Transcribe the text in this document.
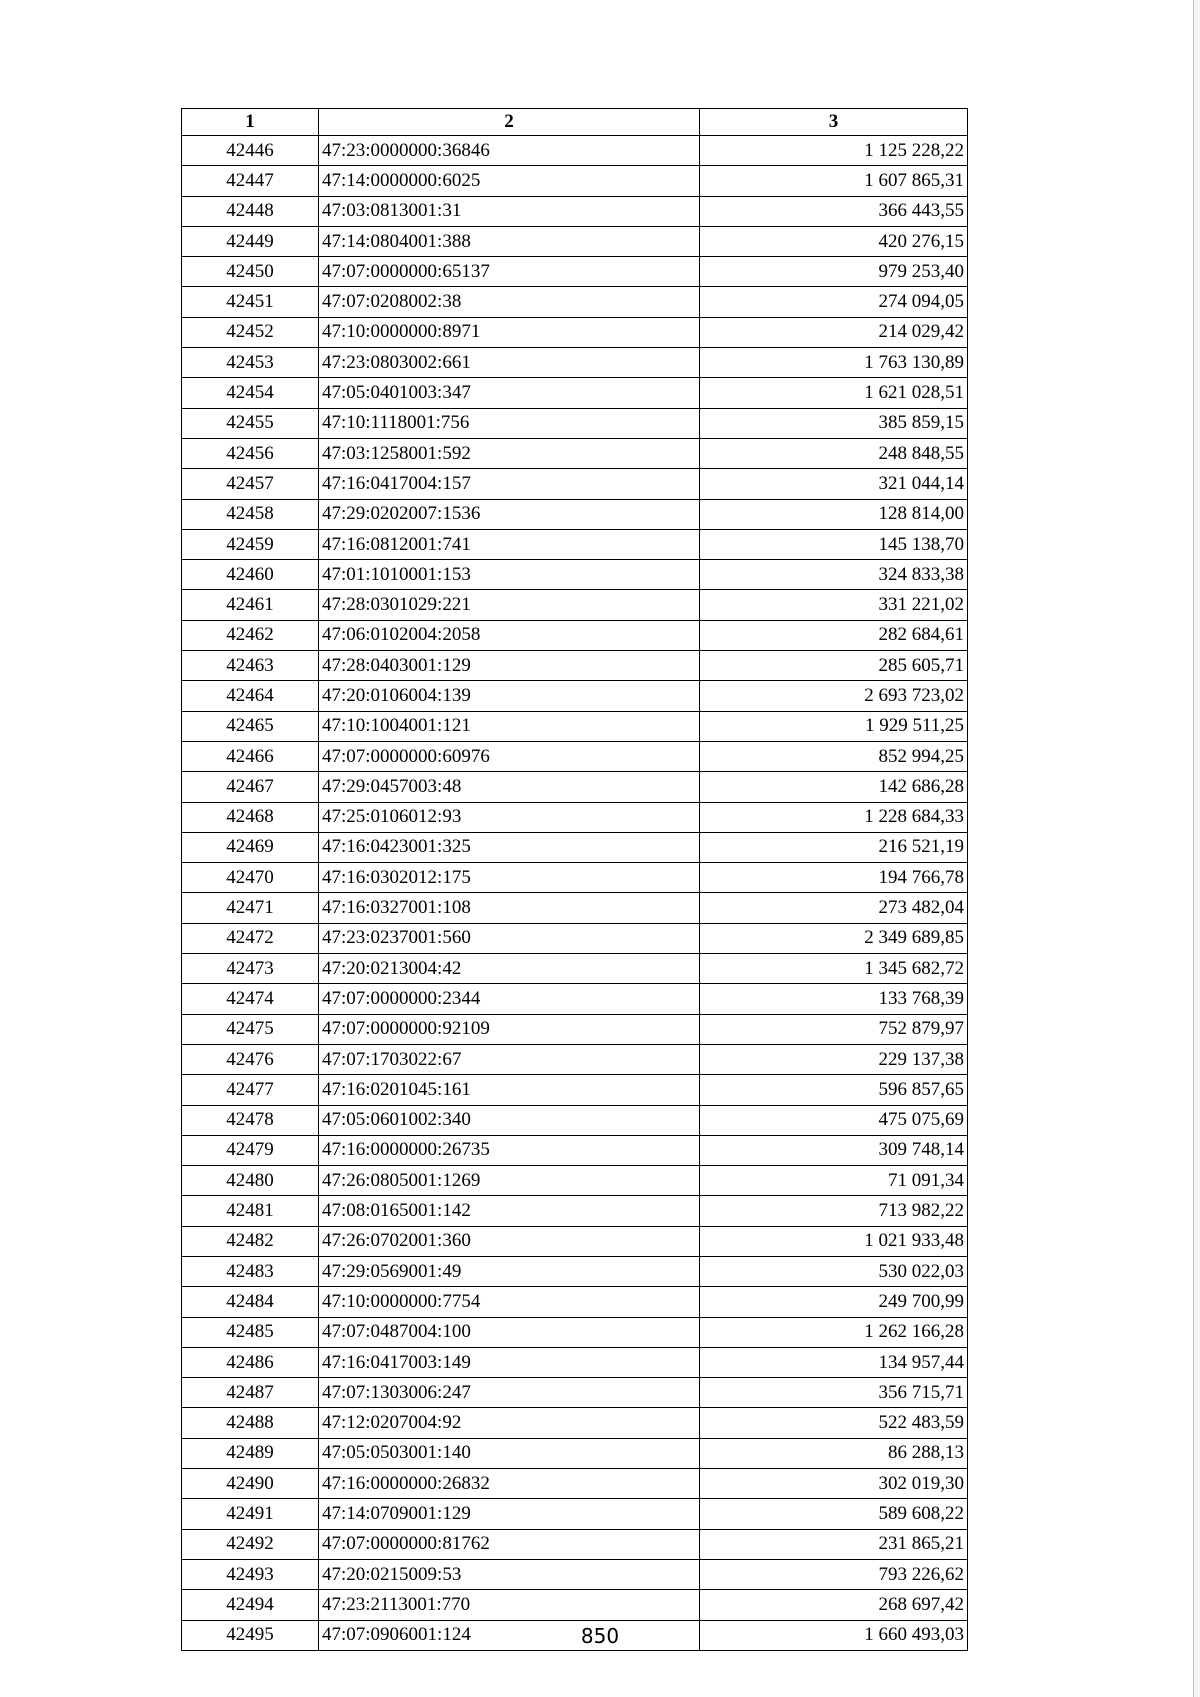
1	2	3
42446	47:23:0000000:36846	1 125 228,22
42447	47:14:0000000:6025	1 607 865,31
42448	47:03:0813001:31	366 443,55
42449	47:14:0804001:388	420 276,15
42450	47:07:0000000:65137	979 253,40
42451	47:07:0208002:38	274 094,05
42452	47:10:0000000:8971	214 029,42
42453	47:23:0803002:661	1 763 130,89
42454	47:05:0401003:347	1 621 028,51
42455	47:10:1118001:756	385 859,15
42456	47:03:1258001:592	248 848,55
42457	47:16:0417004:157	321 044,14
42458	47:29:0202007:1536	128 814,00
42459	47:16:0812001:741	145 138,70
42460	47:01:1010001:153	324 833,38
42461	47:28:0301029:221	331 221,02
42462	47:06:0102004:2058	282 684,61
42463	47:28:0403001:129	285 605,71
42464	47:20:0106004:139	2 693 723,02
42465	47:10:1004001:121	1 929 511,25
42466	47:07:0000000:60976	852 994,25
42467	47:29:0457003:48	142 686,28
42468	47:25:0106012:93	1 228 684,33
42469	47:16:0423001:325	216 521,19
42470	47:16:0302012:175	194 766,78
42471	47:16:0327001:108	273 482,04
42472	47:23:0237001:560	2 349 689,85
42473	47:20:0213004:42	1 345 682,72
42474	47:07:0000000:2344	133 768,39
42475	47:07:0000000:92109	752 879,97
42476	47:07:1703022:67	229 137,38
42477	47:16:0201045:161	596 857,65
42478	47:05:0601002:340	475 075,69
42479	47:16:0000000:26735	309 748,14
42480	47:26:0805001:1269	71 091,34
42481	47:08:0165001:142	713 982,22
42482	47:26:0702001:360	1 021 933,48
42483	47:29:0569001:49	530 022,03
42484	47:10:0000000:7754	249 700,99
42485	47:07:0487004:100	1 262 166,28
42486	47:16:0417003:149	134 957,44
42487	47:07:1303006:247	356 715,71
42488	47:12:0207004:92	522 483,59
42489	47:05:0503001:140	86 288,13
42490	47:16:0000000:26832	302 019,30
42491	47:14:0709001:129	589 608,22
42492	47:07:0000000:81762	231 865,21
42493	47:20:0215009:53	793 226,62
42494	47:23:2113001:770	268 697,42
42495	47:07:0906001:124	1 660 493,03
850
